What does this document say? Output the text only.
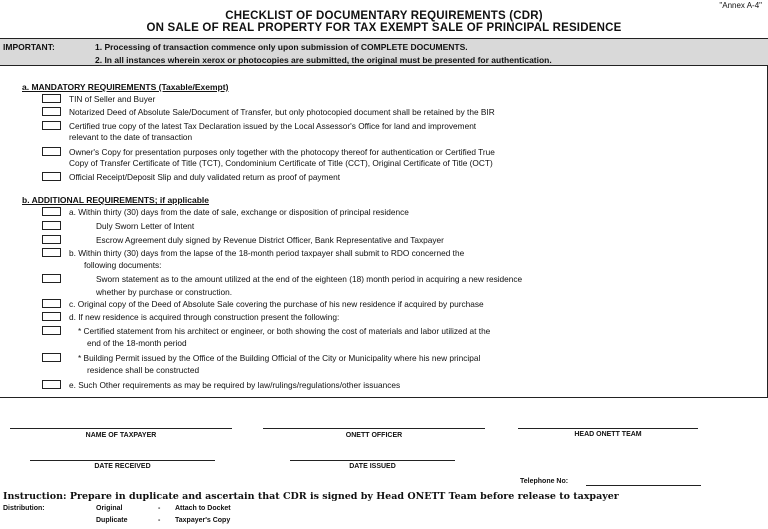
"Annex A-4"
CHECKLIST OF DOCUMENTARY REQUIREMENTS (CDR)
ON SALE OF REAL PROPERTY FOR TAX EXEMPT SALE OF PRINCIPAL RESIDENCE
IMPORTANT:	1. Processing of transaction commence only upon submission of COMPLETE DOCUMENTS.
2. In all instances wherein xerox or photocopies are submitted, the original must be presented for authentication.
a. MANDATORY REQUIREMENTS (Taxable/Exempt)
TIN of Seller and Buyer
Notarized Deed of Absolute Sale/Document of Transfer, but only photocopied document shall be retained by the BIR
Certified true copy of the latest Tax Declaration issued by the Local Assessor's Office for land and improvement
relevant to the date of transaction
Owner's Copy for presentation purposes only together with the photocopy thereof for authentication or Certified True
Copy of Transfer Certificate of Title (TCT), Condominium Certificate of Title (CCT), Original Certificate of Title (OCT)
Official Receipt/Deposit Slip and duly validated return as proof of payment
b. ADDITIONAL REQUIREMENTS; if applicable
a. Within thirty (30) days from the date of sale, exchange or disposition of principal residence
Duly Sworn Letter of Intent
Escrow Agreement duly signed by Revenue District Officer, Bank Representative and Taxpayer
b. Within thirty (30) days from the lapse of the 18-month period taxpayer shall submit to RDO concerned the
following documents:
Sworn statement as to the amount utilized at the end of the eighteen (18) month period in acquiring a new residence
whether by purchase or construction.
c. Original copy of the Deed of Absolute Sale covering the purchase of his new residence if acquired by purchase
d. If new residence is acquired through construction present the following:
* Certified statement from his architect or engineer, or both showing the cost of materials and labor utilized at the
end of the 18-month period
* Building Permit issued by the Office of the Building Official of the City or Municipality where his new principal
residence shall be constructed
e. Such Other requirements as may be required by law/rulings/regulations/other issuances
NAME OF TAXPAYER	ONETT OFFICER	HEAD ONETT TEAM
DATE RECEIVED	DATE ISSUED
Telephone No:
Instruction: Prepare in duplicate and ascertain that CDR is signed by Head ONETT Team before release to taxpayer
Distribution:	Original	- Attach to Docket
Duplicate	- Taxpayer's Copy
